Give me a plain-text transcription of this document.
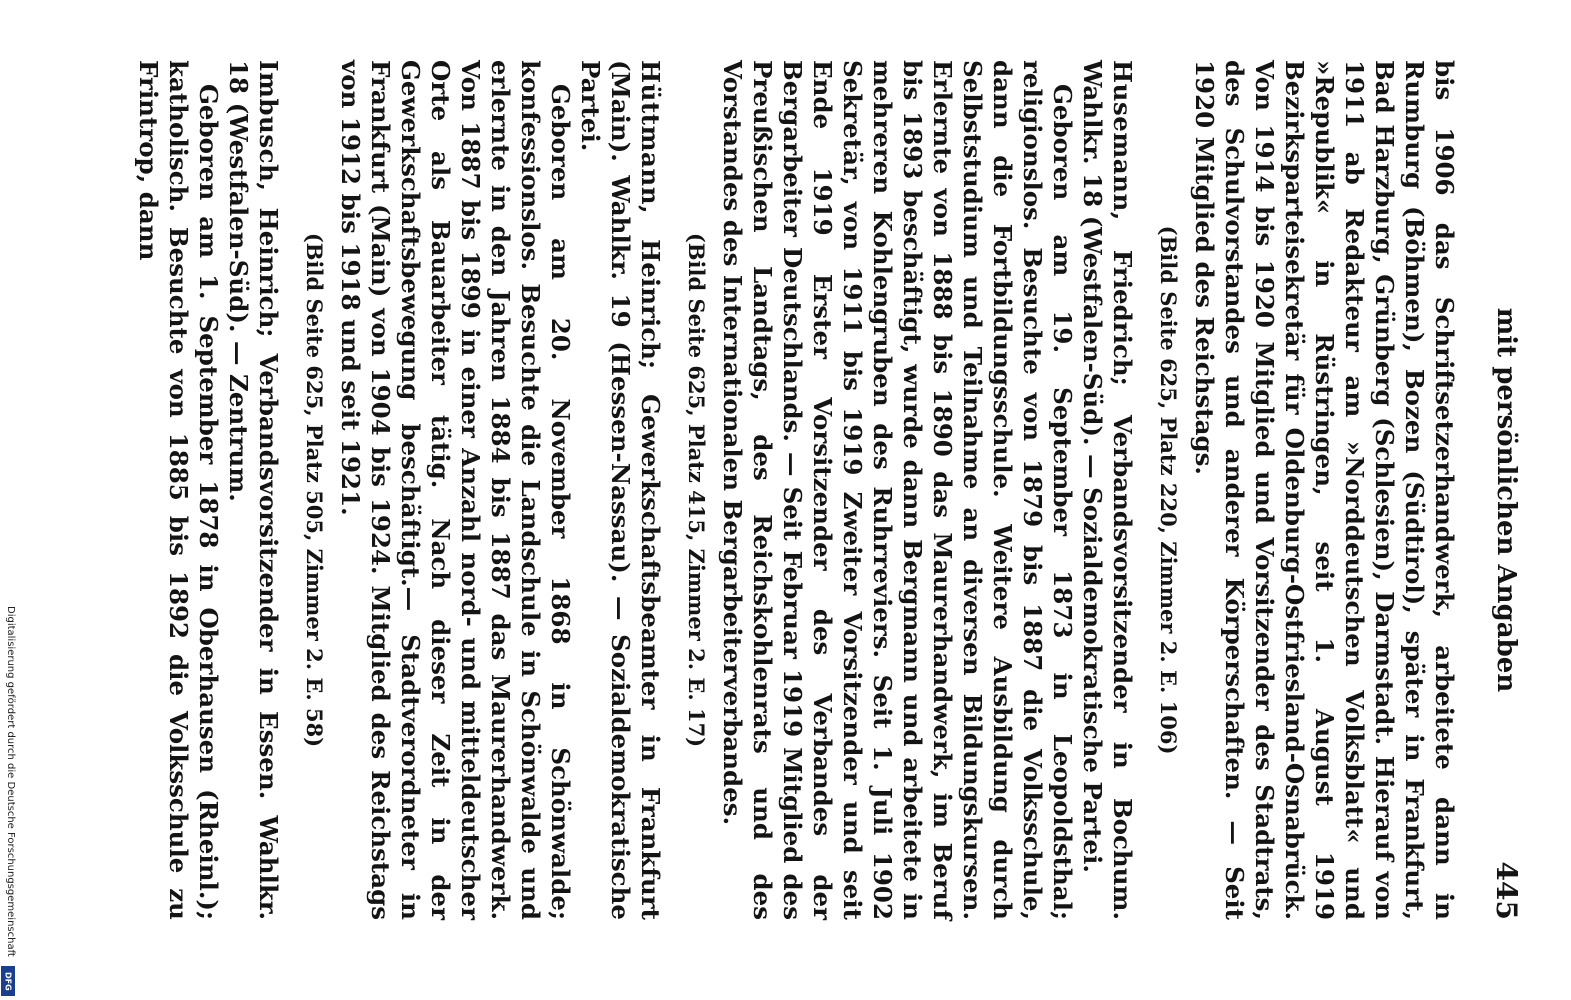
mit persönlichen Angaben
445

bis 1906 das Schriftsetzerhandwerk, arbeitete dann in Rumburg (Böhmen), Bozen (Südtirol), später in Frankfurt, Bad Harzburg, Grünberg (Schlesien), Darmstadt. Hierauf von 1911 ab Redakteur am »Norddeutschen Volksblatt« und »Republik« in Rüstringen, seit 1. August 1919 Bezirksparteisekretär für Oldenburg-Ostfriesland-Osnabrück. Von 1914 bis 1920 Mitglied und Vorsitzender des Stadtrats, des Schulvorstandes und anderer Körperschaften. — Seit 1920 Mitglied des Reichstags.

(Bild Seite 625, Platz 220, Zimmer 2. E. 106)

Husemann, Friedrich; Verbandsvorsitzender in Bochum. Wahlkr. 18 (Westfalen-Süd). — Sozialdemokratische Partei.

Geboren am 19. September 1873 in Leopoldsthal; religionslos. Besuchte von 1879 bis 1887 die Volksschule, dann die Fortbildungsschule. Weitere Ausbildung durch Selbststudium und Teilnahme an diversen Bildungskursen. Erlernte von 1888 bis 1890 das Maurerhandwerk, im Beruf bis 1893 beschäftigt, wurde dann Bergmann und arbeitete in mehreren Kohlengruben des Ruhrreviers. Seit 1. Juli 1902 Sekretär, von 1911 bis 1919 Zweiter Vorsitzender und seit Ende 1919 Erster Vorsitzender des Verbandes der Bergarbeiter Deutschlands. — Seit Februar 1919 Mitglied des Preußischen Landtags, des Reichskohlenrats und des Vorstandes des Internationalen Bergarbeiterverbandes.

(Bild Seite 625, Platz 415, Zimmer 2. E. 17)

Hüttmann, Heinrich; Gewerkschaftsbeamter in Frankfurt (Main). Wahlkr. 19 (Hessen-Nassau). — Sozialdemokratische Partei.

Geboren am 20. November 1868 in Schönwalde; konfessionslos. Besuchte die Landschule in Schönwalde und erlernte in den Jahren 1884 bis 1887 das Maurerhandwerk. Von 1887 bis 1899 in einer Anzahl nord- und mitteldeutscher Orte als Bauarbeiter tätig. Nach dieser Zeit in der Gewerkschaftsbewegung beschäftigt.— Stadtverordneter in Frankfurt (Main) von 1904 bis 1924. Mitglied des Reichstags von 1912 bis 1918 und seit 1921.

(Bild Seite 625, Platz 505, Zimmer 2. E. 58)

Imbusch, Heinrich; Verbandsvorsitzender in Essen. Wahlkr. 18 (Westfalen-Süd). — Zentrum.

Geboren am 1. September 1878 in Oberhausen (Rheinl.); katholisch. Besuchte von 1885 bis 1892 die Volksschule zu Frintrop, dann

Digitalisierung gefördert durch die Deutsche Forschungsgemeinschaft
DFG
